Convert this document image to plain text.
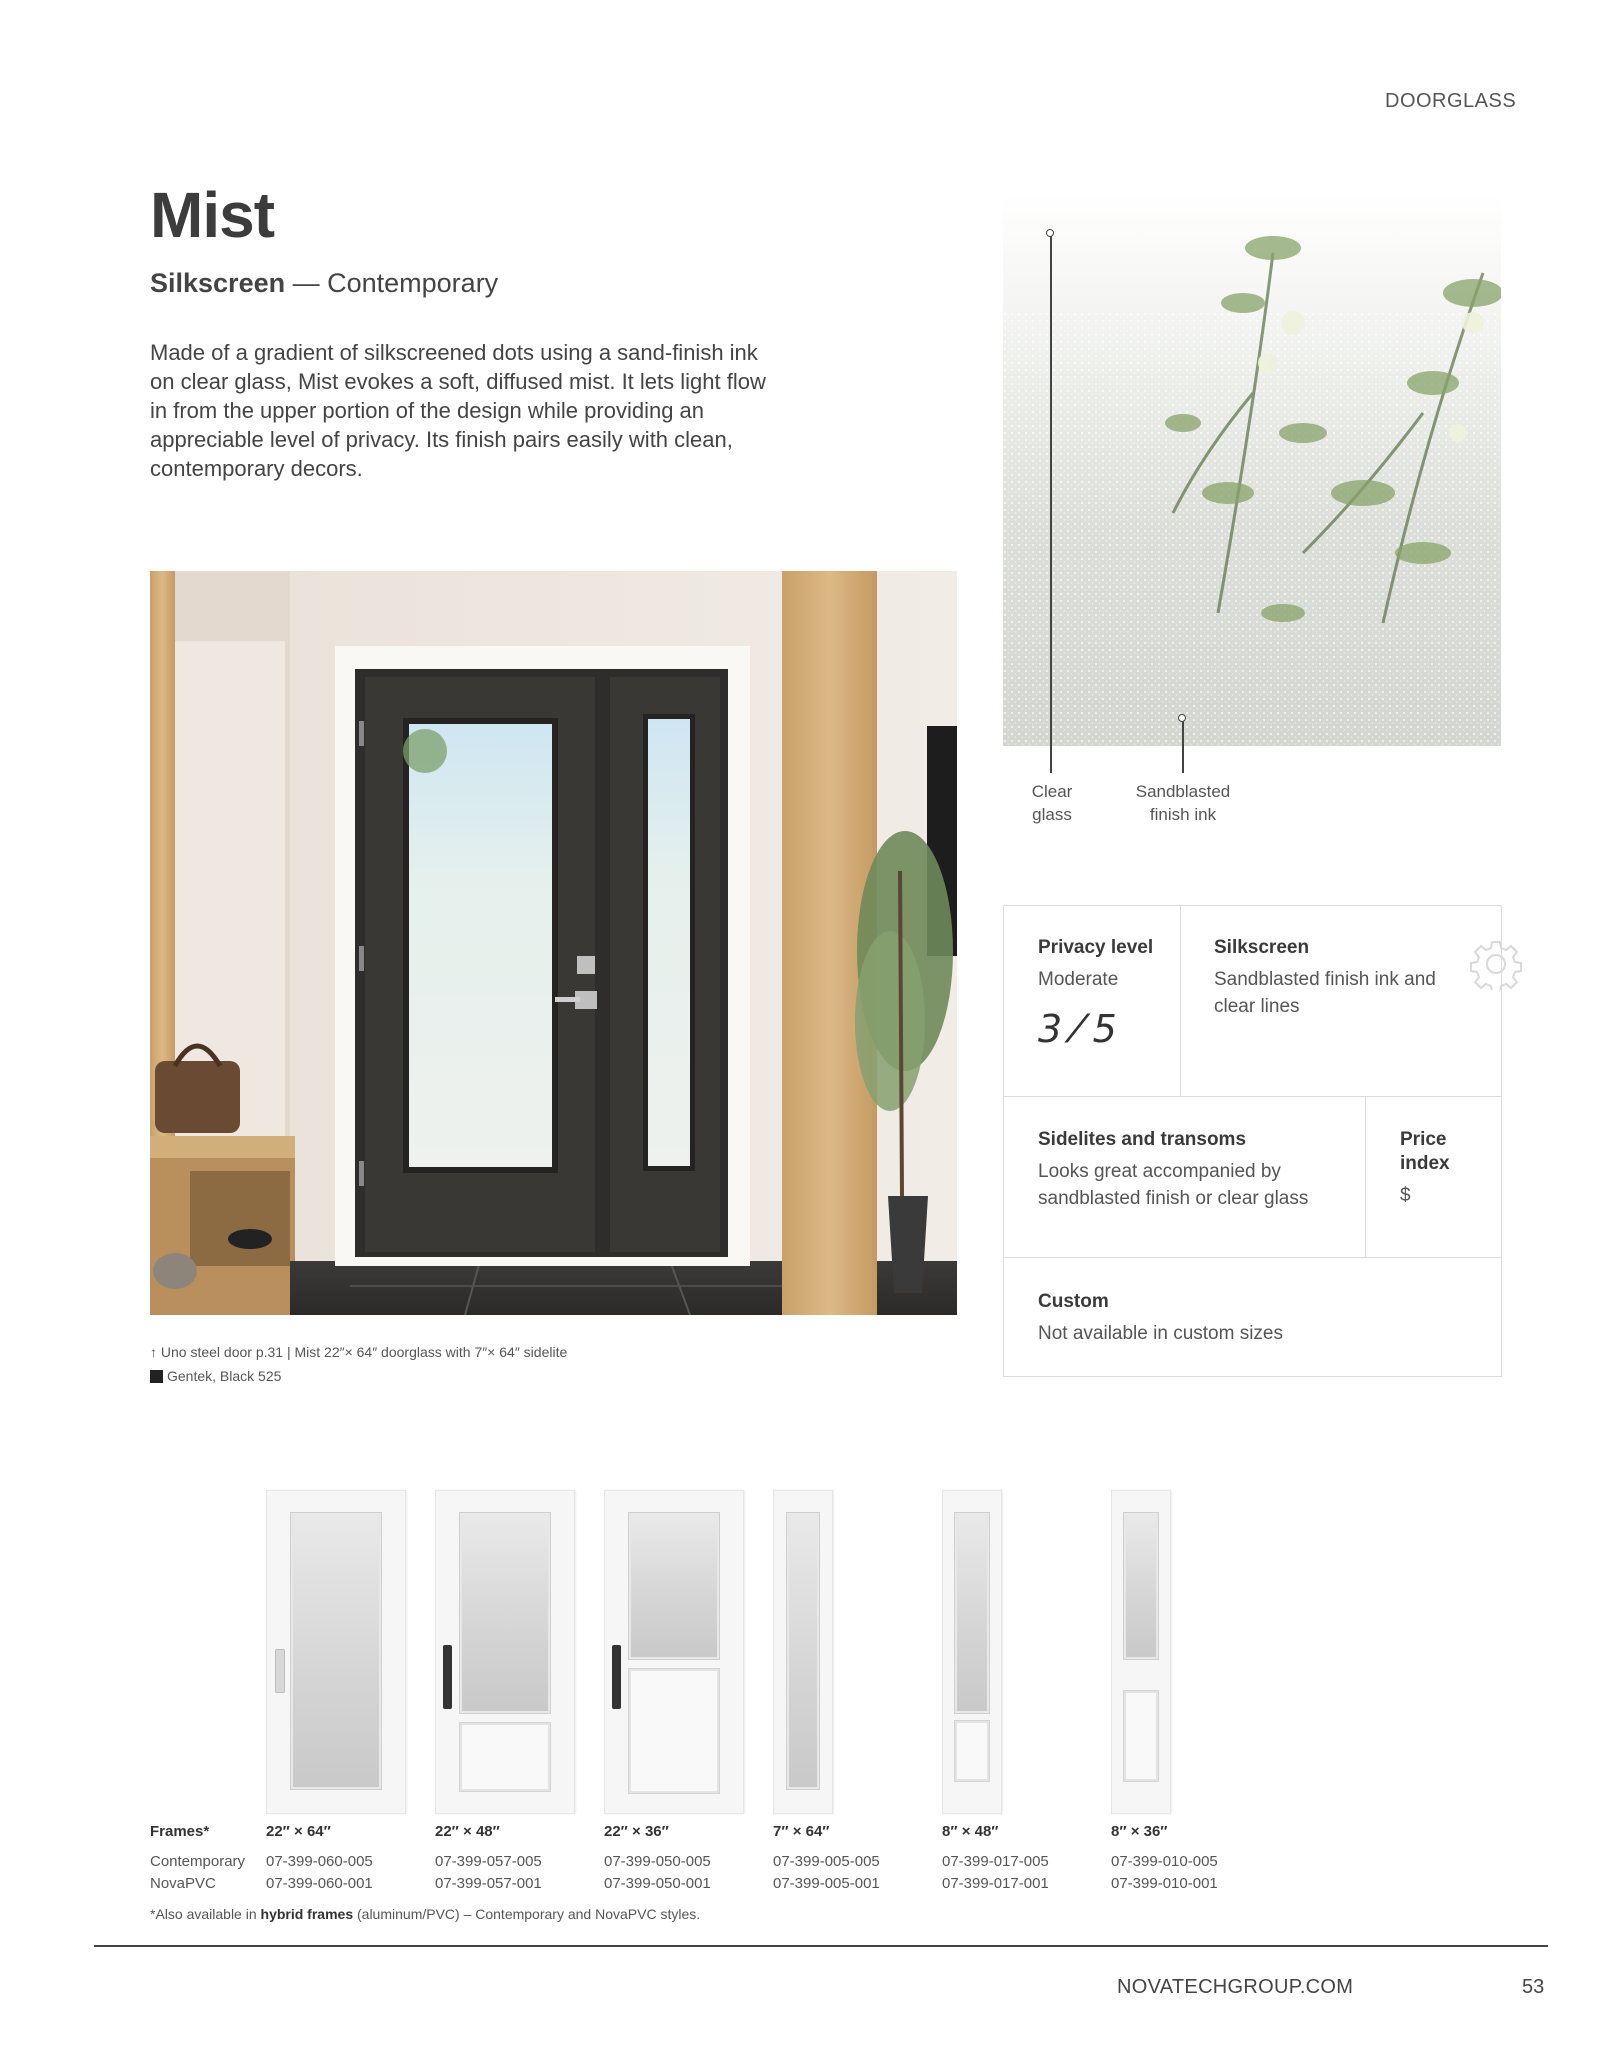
DOORGLASS
Mist
Silkscreen — Contemporary
Made of a gradient of silkscreened dots using a sand-finish ink on clear glass, Mist evokes a soft, diffused mist. It lets light flow in from the upper portion of the design while providing an appreciable level of privacy. Its finish pairs easily with clean, contemporary decors.
↑ Uno steel door p.31 | Mist 22″× 64″ doorglass with 7″× 64″ sidelite
Gentek, Black 525
Clear
glass
Sandblasted
finish ink
Privacy level
Moderate
3 ⁄ 5
Silkscreen
Sandblasted finish ink and clear lines
Sidelites and transoms
Looks great accompanied by sandblasted finish or clear glass
Price index
$
Custom
Not available in custom sizes
Frames*
Contemporary
NovaPVC
22″ × 64″
07-399-060-005
07-399-060-001
22″ × 48″
07-399-057-005
07-399-057-001
22″ × 36″
07-399-050-005
07-399-050-001
7″ × 64″
07-399-005-005
07-399-005-001
8″ × 48″
07-399-017-005
07-399-017-001
8″ × 36″
07-399-010-005
07-399-010-001
*Also available in hybrid frames (aluminum/PVC) – Contemporary and NovaPVC styles.
NOVATECHGROUP.COM	53
